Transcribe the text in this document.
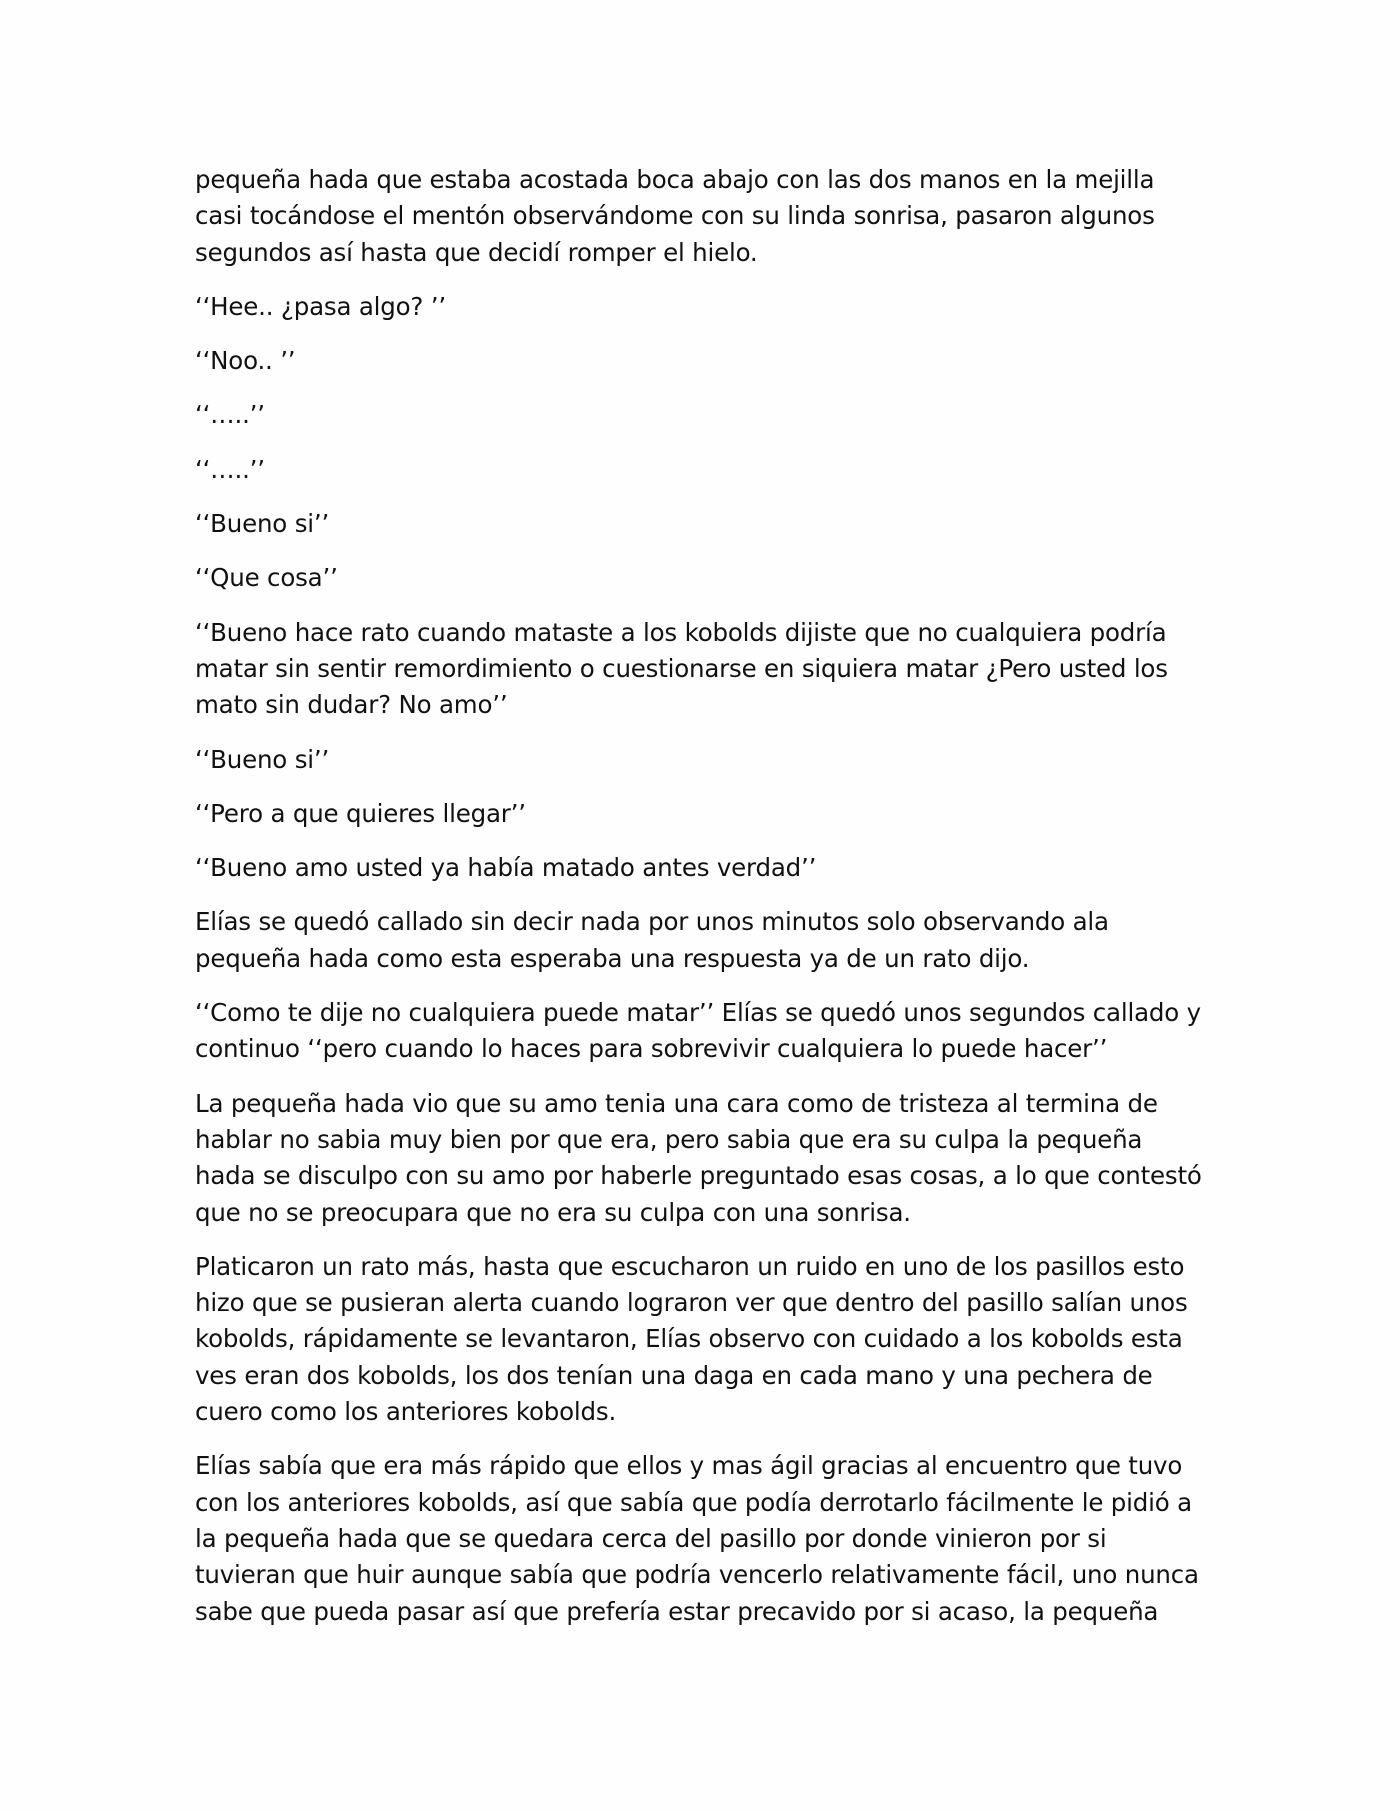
pequeña hada que estaba acostada boca abajo con las dos manos en la mejilla casi tocándose el mentón observándome con su linda sonrisa, pasaron algunos segundos así hasta que decidí romper el hielo.

‘‘Hee.. ¿pasa algo? ’’

‘‘Noo.. ’’

‘‘…..’’

‘‘…..’’

‘‘Bueno si’’

‘‘Que cosa’’

‘‘Bueno hace rato cuando mataste a los kobolds dijiste que no cualquiera podría matar sin sentir remordimiento o cuestionarse en siquiera matar ¿Pero usted los mato sin dudar? No amo’’

‘‘Bueno si’’

‘‘Pero a que quieres llegar’’

‘‘Bueno amo usted ya había matado antes verdad’’

Elías se quedó callado sin decir nada por unos minutos solo observando ala pequeña hada como esta esperaba una respuesta ya de un rato dijo.

‘‘Como te dije no cualquiera puede matar’’ Elías se quedó unos segundos callado y continuo ‘‘pero cuando lo haces para sobrevivir cualquiera lo puede hacer’’

La pequeña hada vio que su amo tenia una cara como de tristeza al termina de hablar no sabia muy bien por que era, pero sabia que era su culpa la pequeña hada se disculpo con su amo por haberle preguntado esas cosas, a lo que contestó que no se preocupara que no era su culpa con una sonrisa.

Platicaron un rato más, hasta que escucharon un ruido en uno de los pasillos esto hizo que se pusieran alerta cuando lograron ver que dentro del pasillo salían unos kobolds, rápidamente se levantaron, Elías observo con cuidado a los kobolds esta ves eran dos kobolds, los dos tenían una daga en cada mano y una pechera de cuero como los anteriores kobolds.

Elías sabía que era más rápido que ellos y mas ágil gracias al encuentro que tuvo con los anteriores kobolds, así que sabía que podía derrotarlo fácilmente le pidió a la pequeña hada que se quedara cerca del pasillo por donde vinieron por si tuvieran que huir aunque sabía que podría vencerlo relativamente fácil, uno nunca sabe que pueda pasar así que prefería estar precavido por si acaso, la pequeña
